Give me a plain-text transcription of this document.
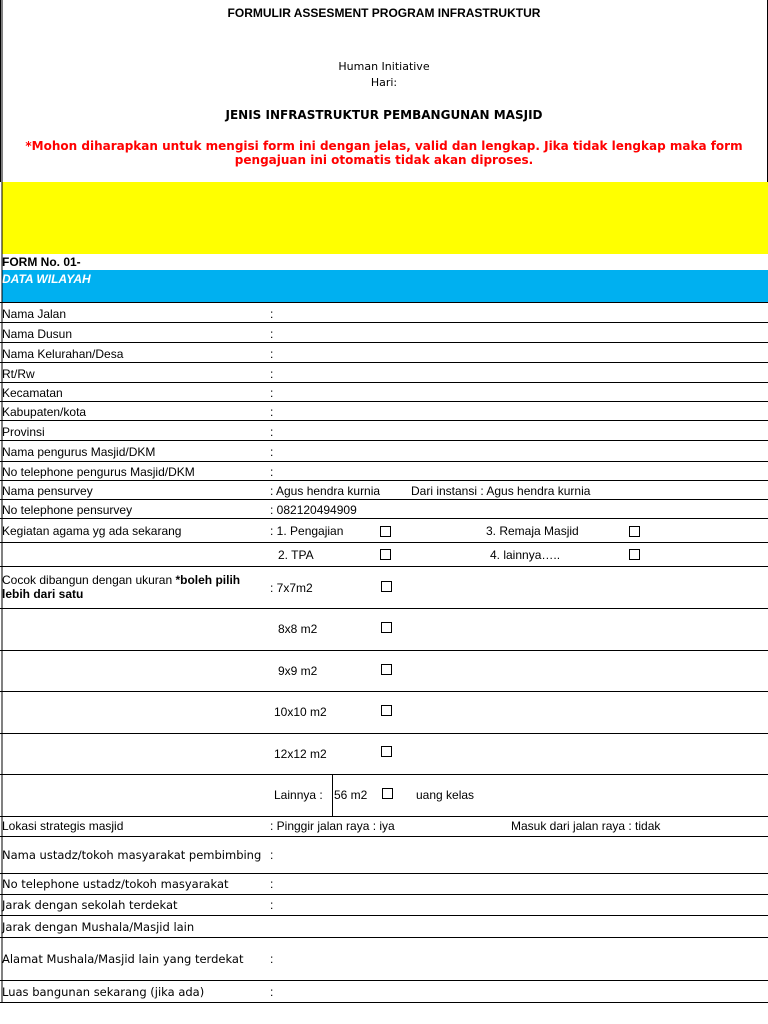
FORMULIR ASSESMENT PROGRAM INFRASTRUKTUR
Human Initiative
Hari:
JENIS INFRASTRUKTUR PEMBANGUNAN MASJID
*Mohon diharapkan untuk mengisi form ini dengan jelas, valid dan lengkap. Jika tidak lengkap maka form pengajuan ini otomatis tidak akan diproses.
FORM No. 01-
DATA WILAYAH
Nama Jalan	:
Nama Dusun	:
Nama Kelurahan/Desa	:
Rt/Rw	:
Kecamatan	:
Kabupaten/kota	:
Provinsi	:
Nama pengurus Masjid/DKM	:
No telephone pengurus Masjid/DKM	:
Nama pensurvey	: Agus hendra kurnia	Dari instansi : Agus hendra kurnia
No telephone pensurvey	: 082120494909
Kegiatan agama yg ada sekarang	: 1. Pengajian	3. Remaja Masjid
2. TPA	4. lainnya…..
Cocok dibangun dengan ukuran *boleh pilih lebih dari satu	: 7x7m2
8x8 m2
9x9 m2
10x10 m2
12x12 m2
Lainnya : 56 m2	uang kelas
Lokasi strategis masjid	: Pinggir jalan raya : iya	Masuk dari jalan raya : tidak
Nama ustadz/tokoh masyarakat pembimbing :
No telephone ustadz/tokoh masyarakat	:
Jarak dengan sekolah terdekat	:
Jarak dengan Mushala/Masjid lain
Alamat Mushala/Masjid lain yang terdekat :
Luas bangunan sekarang (jika ada)	:
